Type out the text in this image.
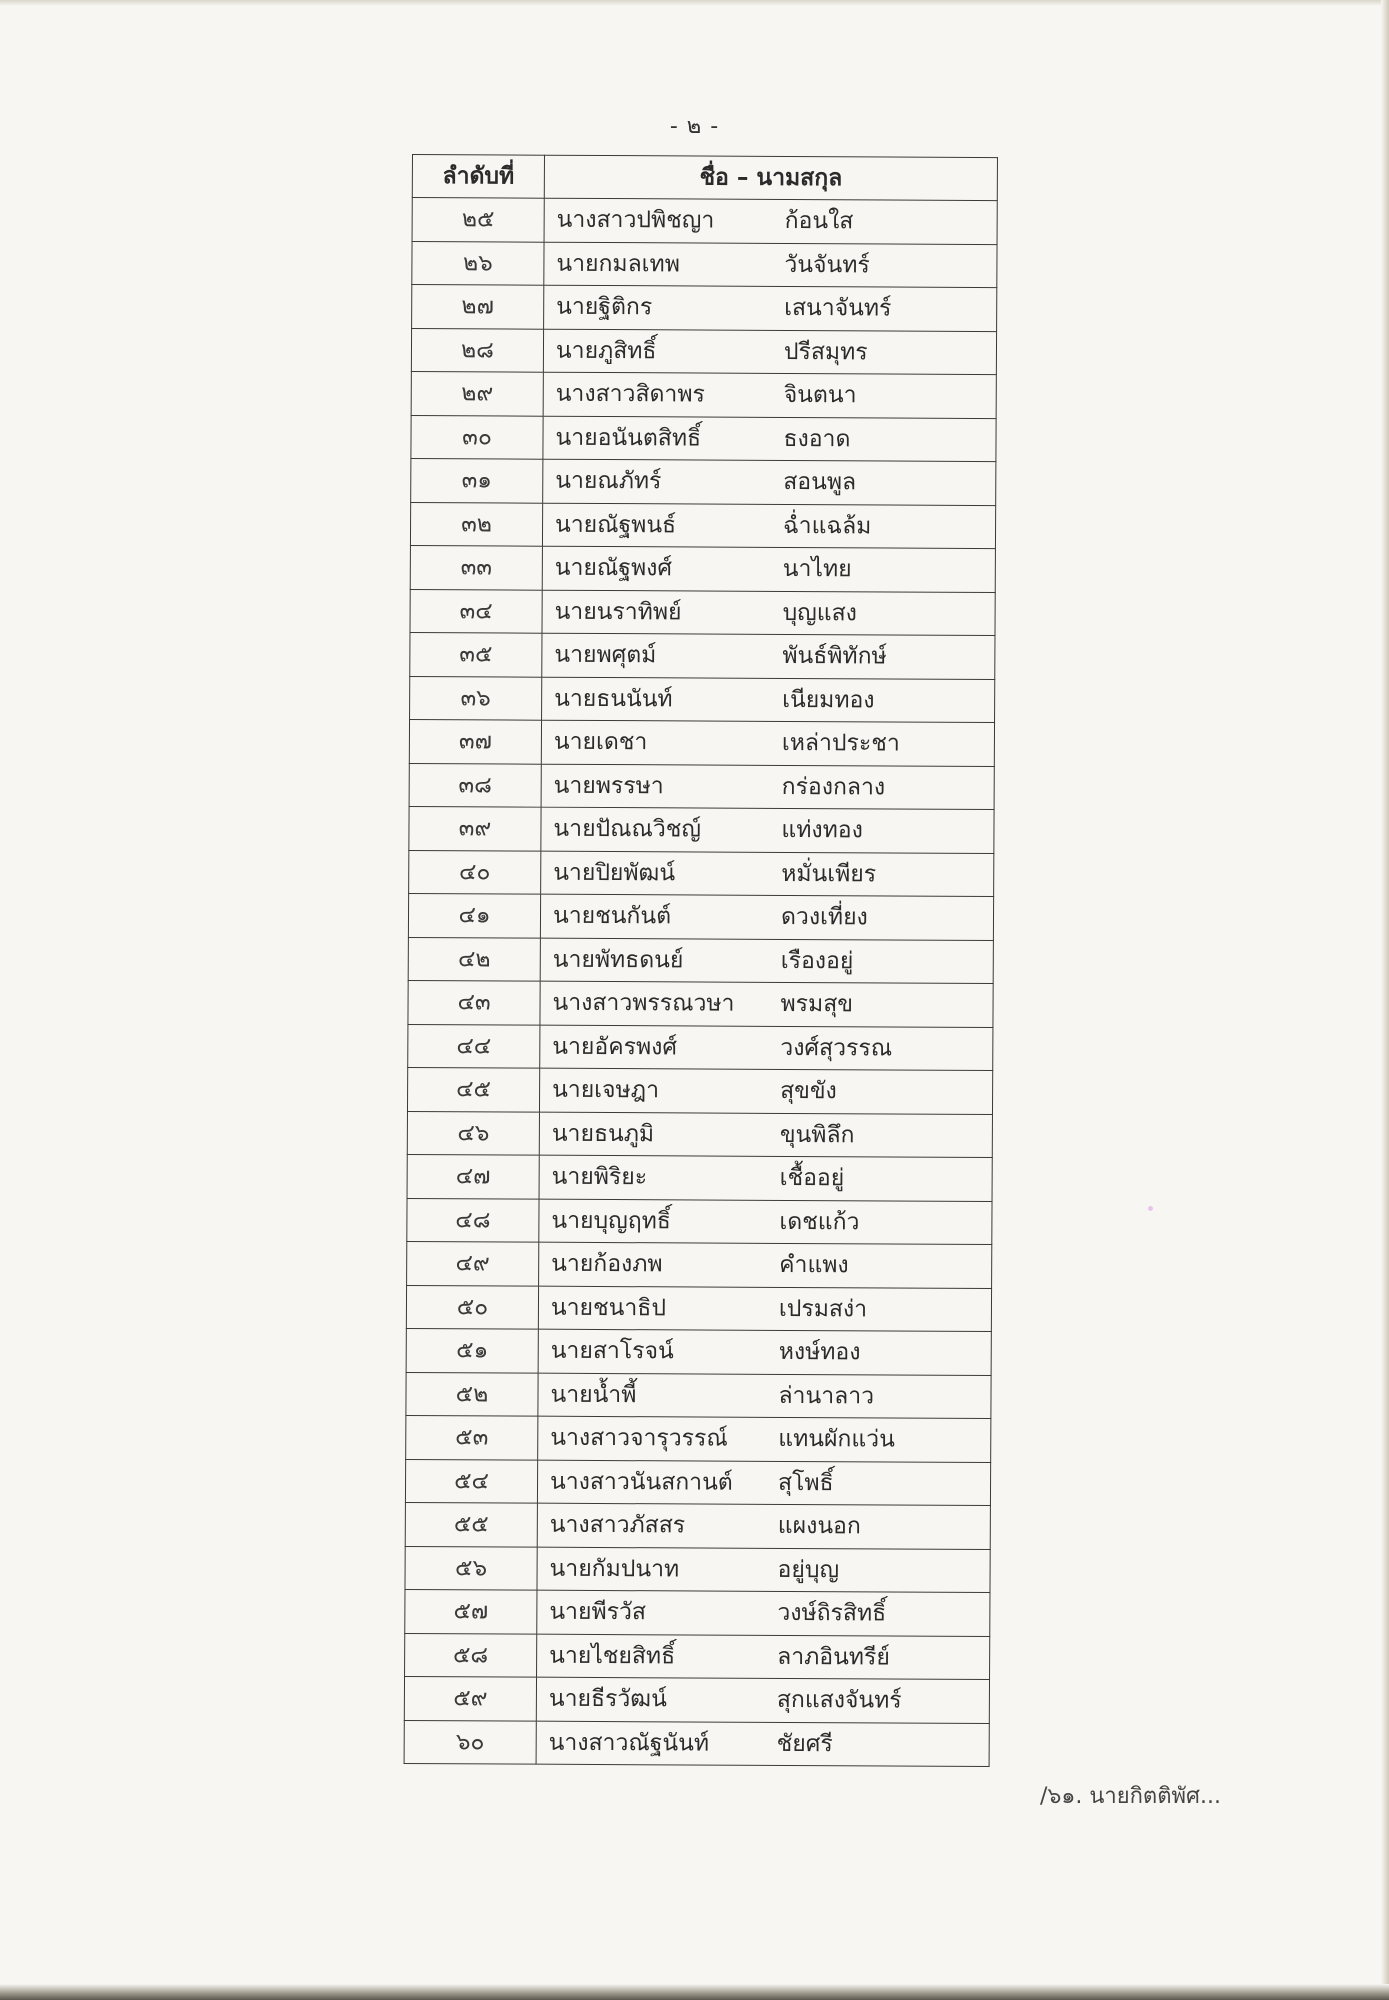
- ๒ -
ลำดับที่	ชื่อ – นามสกุล
๒๕	นางสาวปพิชญา ก้อนใส
๒๖	นายกมลเทพ วันจันทร์
๒๗	นายฐิติกร เสนาจันทร์
๒๘	นายภูสิทธิ์ ปรีสมุทร
๒๙	นางสาวสิดาพร จินตนา
๓๐	นายอนันตสิทธิ์ ธงอาด
๓๑	นายณภัทร์ สอนพูล
๓๒	นายณัฐพนธ์ ฉ่ำแฉล้ม
๓๓	นายณัฐพงศ์ นาไทย
๓๔	นายนราทิพย์ บุญแสง
๓๕	นายพศุตม์ พันธ์พิทักษ์
๓๖	นายธนนันท์ เนียมทอง
๓๗	นายเดชา เหล่าประชา
๓๘	นายพรรษา กร่องกลาง
๓๙	นายปัณณวิชญ์ แท่งทอง
๔๐	นายปิยพัฒน์ หมั่นเพียร
๔๑	นายชนกันต์ ดวงเที่ยง
๔๒	นายพัทธดนย์ เรืองอยู่
๔๓	นางสาวพรรณวษา พรมสุข
๔๔	นายอัครพงศ์ วงศ์สุวรรณ
๔๕	นายเจษฎา สุขขัง
๔๖	นายธนภูมิ ขุนพิลึก
๔๗	นายพิริยะ เชื้ออยู่
๔๘	นายบุญฤทธิ์ เดชแก้ว
๔๙	นายก้องภพ คำแพง
๕๐	นายชนาธิป เปรมสง่า
๕๑	นายสาโรจน์ หงษ์ทอง
๕๒	นายน้ำพี้ ล่านาลาว
๕๓	นางสาวจารุวรรณ์ แทนผักแว่น
๕๔	นางสาวนันสกานต์ สุโพธิ์
๕๕	นางสาวภัสสร แผงนอก
๕๖	นายกัมปนาท อยู่บุญ
๕๗	นายพีรวัส วงษ์ถิรสิทธิ์
๕๘	นายไชยสิทธิ์ ลาภอินทรีย์
๕๙	นายธีรวัฒน์ สุกแสงจันทร์
๖๐	นางสาวณัฐนันท์ ชัยศรี
/๖๑. นายกิตติพัศ...
